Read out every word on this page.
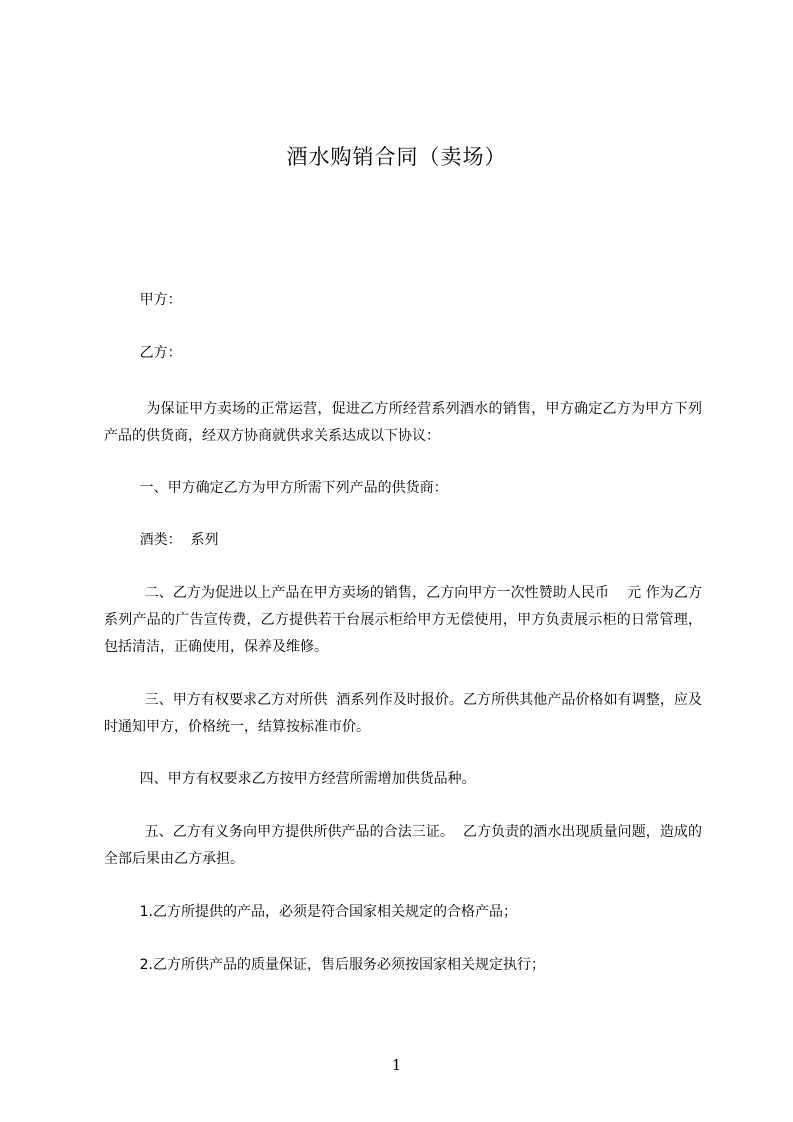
酒水购销合同（卖场）
甲方：
乙方：
为保证甲方卖场的正常运营，促进乙方所经营系列酒水的销售，甲方确定乙方为甲方下列产品的供货商，经双方协商就供求关系达成以下协议：
一、甲方确定乙方为甲方所需下列产品的供货商：
酒类：  系列
二、乙方为促进以上产品在甲方卖场的销售，乙方向甲方一次性赞助人民币    元 作为乙方系列产品的广告宣传费，乙方提供若干台展示柜给甲方无偿使用，甲方负责展示柜的日常管理，包括清洁，正确使用，保养及维修。
三、甲方有权要求乙方对所供  酒系列作及时报价。乙方所供其他产品价格如有调整，应及时通知甲方，价格统一，结算按标准市价。
四、甲方有权要求乙方按甲方经营所需增加供货品种。
五、乙方有义务向甲方提供所供产品的合法三证。  乙方负责的酒水出现质量问题，造成的全部后果由乙方承担。
1.乙方所提供的产品，必须是符合国家相关规定的合格产品；
2.乙方所供产品的质量保证，售后服务必须按国家相关规定执行；
1
